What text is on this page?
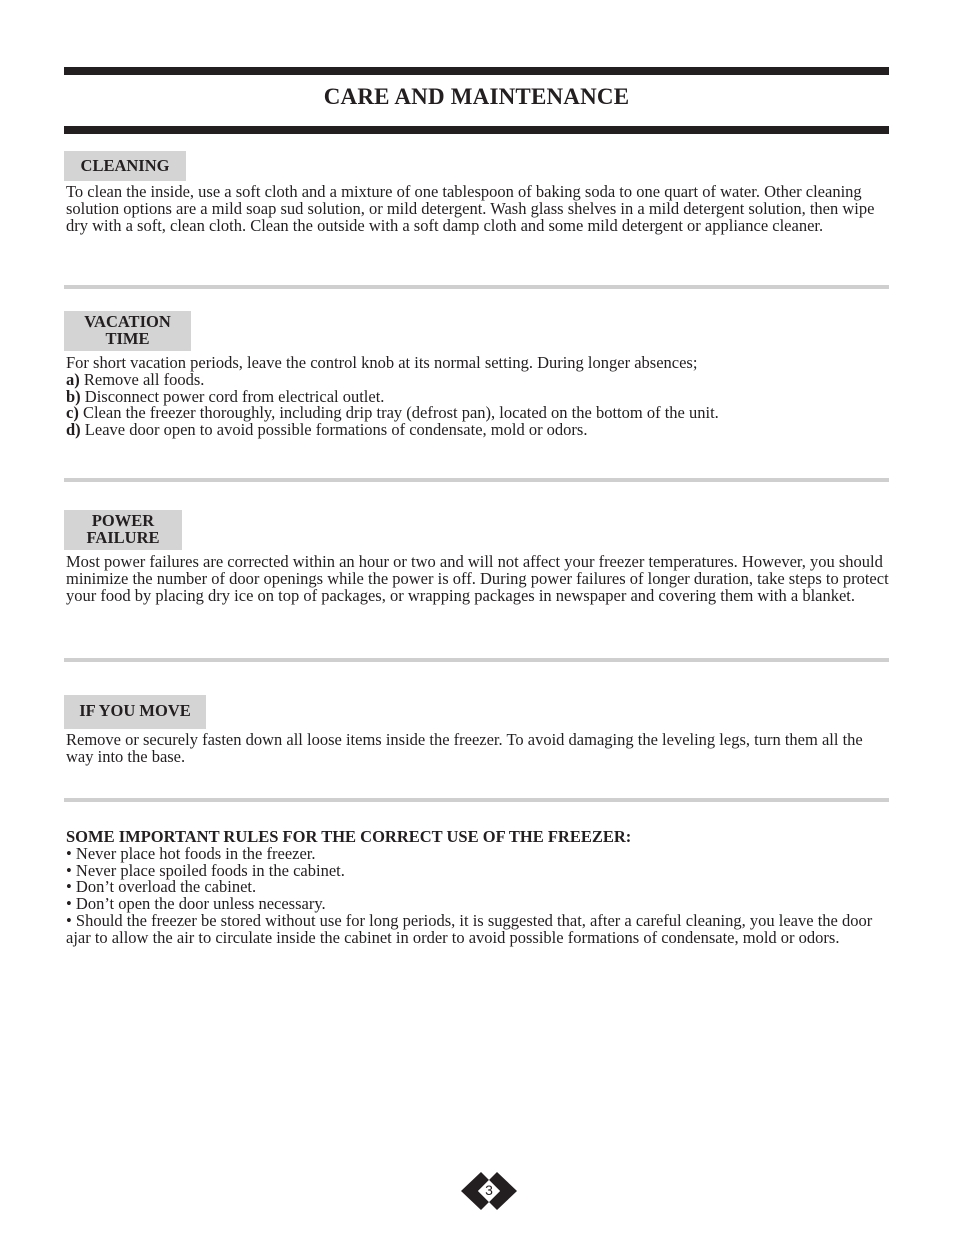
CARE AND MAINTENANCE
CLEANING
To clean the inside, use a soft cloth and a mixture of one tablespoon of baking soda to one quart of water. Other cleaning solution options are a mild soap sud solution, or mild detergent. Wash glass shelves in a mild detergent solution, then wipe dry with a soft, clean cloth. Clean the outside with a soft damp cloth and some mild detergent or appliance cleaner.
VACATION
TIME
For short vacation periods, leave the control knob at its normal setting. During longer absences;
a) Remove all foods.
b) Disconnect power cord from electrical outlet.
c) Clean the freezer thoroughly, including drip tray (defrost pan), located on the bottom of the unit.
d) Leave door open to avoid possible formations of condensate, mold or odors.
POWER
FAILURE
Most power failures are corrected within an hour or two and will not affect your freezer temperatures. However, you should minimize the number of door openings while the power is off. During power failures of longer duration, take steps to protect your food by placing dry ice on top of packages, or wrapping packages in newspaper and covering them with a blanket.
IF YOU MOVE
Remove or securely fasten down all loose items inside the freezer. To avoid damaging the leveling legs, turn them all the way into the base.
SOME IMPORTANT RULES FOR THE CORRECT USE OF THE FREEZER:
• Never place hot foods in the freezer.
• Never place spoiled foods in the cabinet.
• Don’t overload the cabinet.
• Don’t open the door unless necessary.
• Should the freezer be stored without use for long periods, it is suggested that, after a careful cleaning, you leave the door ajar to allow the air to circulate inside the cabinet in order to avoid possible formations of condensate, mold or odors.
3
